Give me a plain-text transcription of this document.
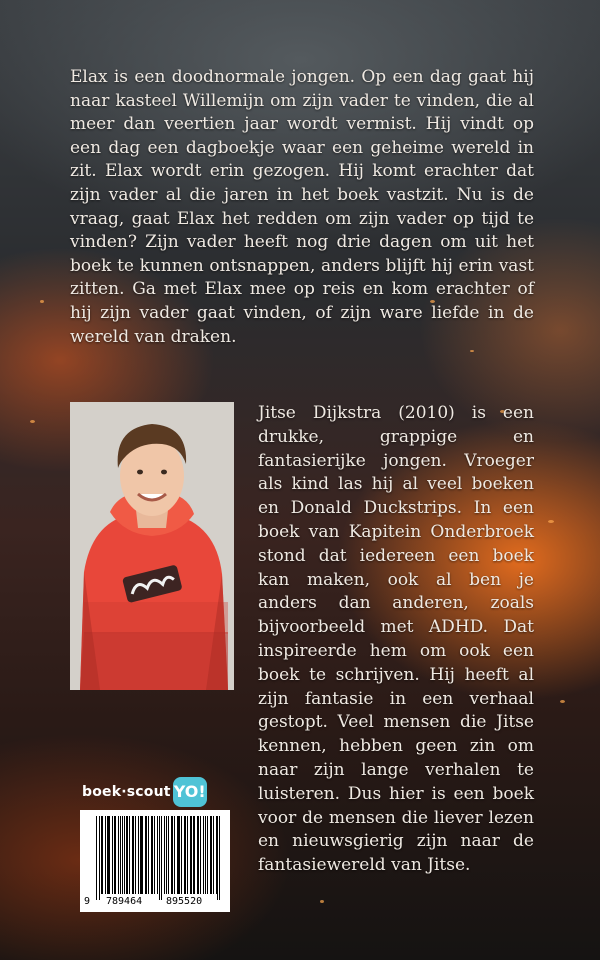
Elax is een doodnormale jongen. Op een dag gaat hij naar kasteel Willemijn om zijn vader te vinden, die al meer dan veertien jaar wordt vermist. Hij vindt op een dag een dagboekje waar een geheime wereld in zit. Elax wordt erin gezogen. Hij komt erachter dat zijn vader al die jaren in het boek vastzit. Nu is de vraag, gaat Elax het redden om zijn vader op tijd te vinden? Zijn vader heeft nog drie dagen om uit het boek te kunnen ontsnappen, anders blijft hij erin vast zitten. Ga met Elax mee op reis en kom erachter of hij zijn vader gaat vinden, of zijn ware liefde in de wereld van draken.

Jitse Dijkstra (2010) is een drukke, grappige en fantasierijke jongen. Vroeger als kind las hij al veel boeken en Donald Duckstrips. In een boek van Kapitein Onderbroek stond dat iedereen een boek kan maken, ook al ben je anders dan anderen, zoals bijvoorbeeld met ADHD. Dat inspireerde hem om ook een boek te schrijven. Hij heeft al zijn fantasie in een verhaal gestopt. Veel mensen die Jitse kennen, hebben geen zin om naar zijn lange verhalen te luisteren. Dus hier is een boek voor de mensen die liever lezen en nieuwsgierig zijn naar de fantasiewereld van Jitse.

boek·scout YO!
9 789464 895520
